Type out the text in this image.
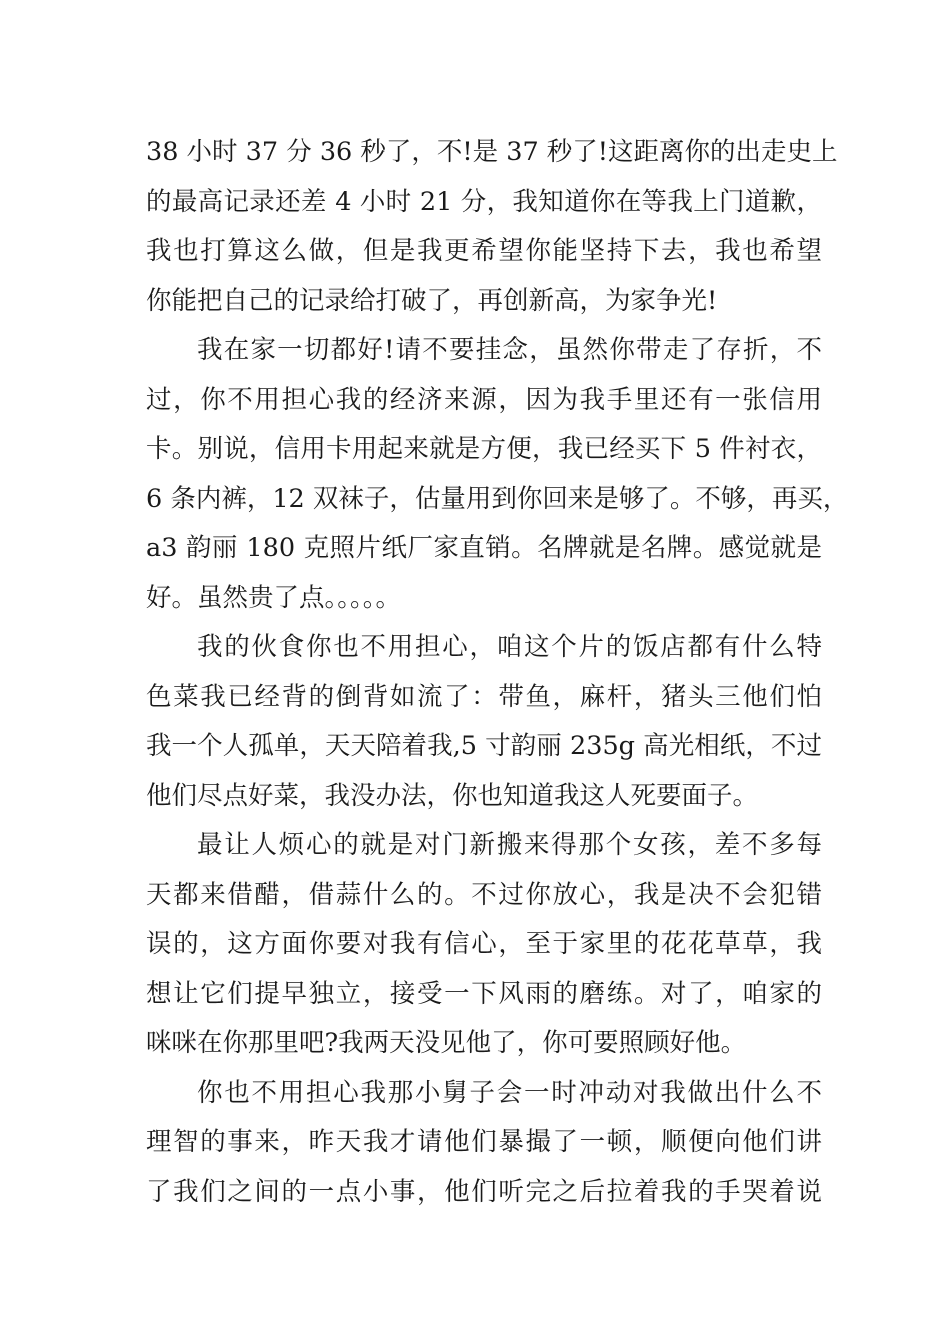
38 小时 37 分 36 秒了，不!是 37 秒了!这距离你的出走史上
的最高记录还差 4 小时 21 分，我知道你在等我上门道歉，
我也打算这么做，但是我更希望你能坚持下去，我也希望
你能把自己的记录给打破了，再创新高，为家争光!
我在家一切都好!请不要挂念，虽然你带走了存折，不
过，你不用担心我的经济来源，因为我手里还有一张信用
卡。别说，信用卡用起来就是方便，我已经买下 5 件衬衣，
6 条内裤，12 双袜子，估量用到你回来是够了。不够，再买，
a3 韵丽 180 克照片纸厂家直销。名牌就是名牌。感觉就是
好。虽然贵了点。。。。。
我的伙食你也不用担心，咱这个片的饭店都有什么特
色菜我已经背的倒背如流了：带鱼，麻杆，猪头三他们怕
我一个人孤单，天天陪着我,5 寸韵丽 235g 高光相纸，不过
他们尽点好菜，我没办法，你也知道我这人死要面子。
最让人烦心的就是对门新搬来得那个女孩，差不多每
天都来借醋，借蒜什么的。不过你放心，我是决不会犯错
误的，这方面你要对我有信心，至于家里的花花草草，我
想让它们提早独立，接受一下风雨的磨练。对了，咱家的
咪咪在你那里吧?我两天没见他了，你可要照顾好他。
你也不用担心我那小舅子会一时冲动对我做出什么不
理智的事来，昨天我才请他们暴撮了一顿，顺便向他们讲
了我们之间的一点小事，他们听完之后拉着我的手哭着说
